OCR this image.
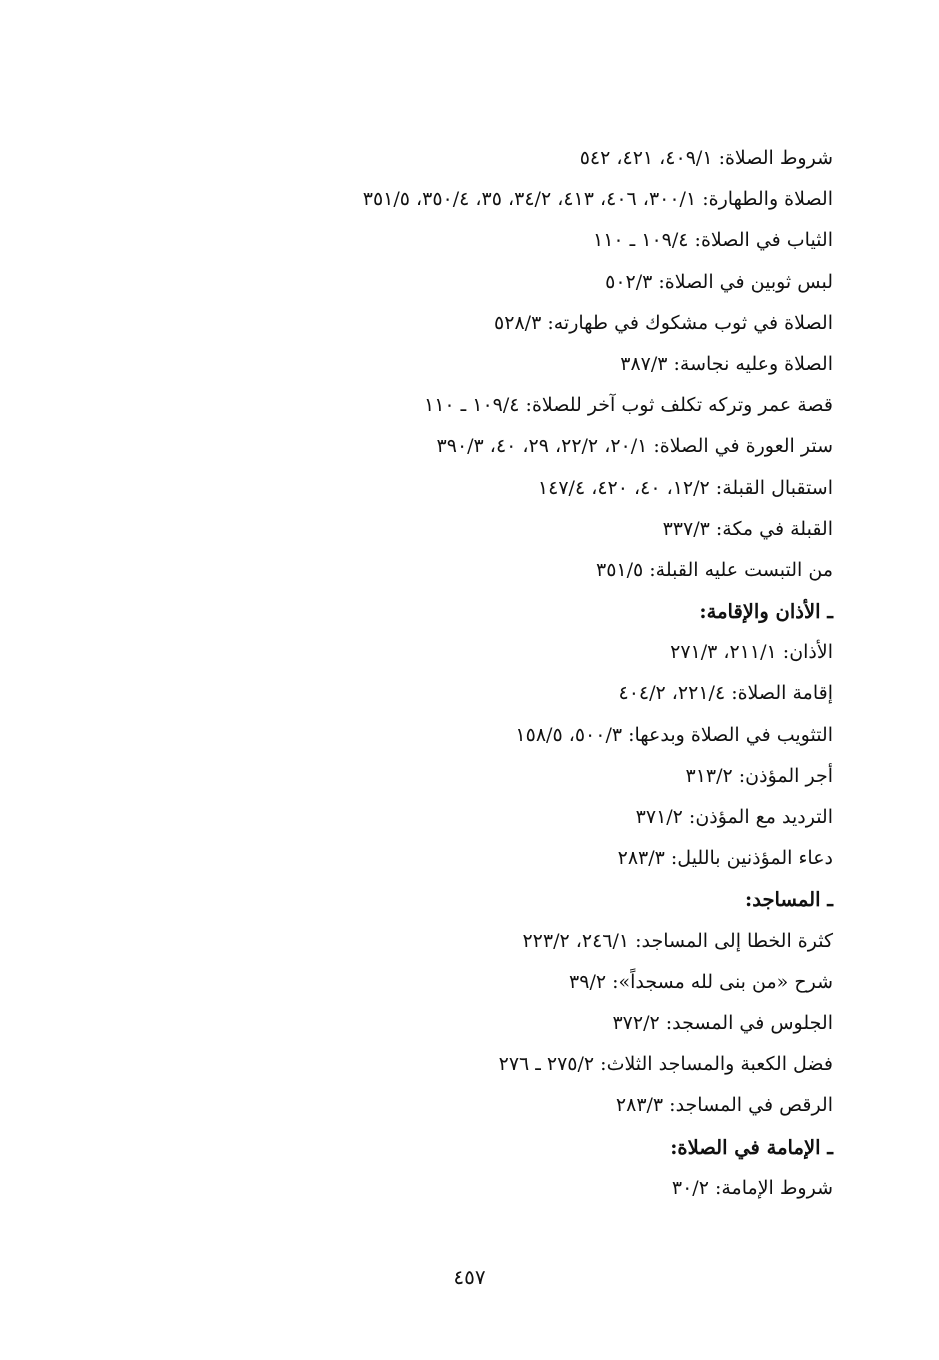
شروط الصلاة: ٤٠٩/١، ٤٢١، ٥٤٢
الصلاة والطهارة: ٣٠٠/١، ٤٠٦، ٤١٣، ٣٤/٢، ٣٥، ٣٥٠/٤، ٣٥١/٥
الثياب في الصلاة: ١٠٩/٤ ـ ١١٠
لبس ثوبين في الصلاة: ٥٠٢/٣
الصلاة في ثوب مشكوك في طهارته: ٥٢٨/٣
الصلاة وعليه نجاسة: ٣٨٧/٣
قصة عمر وتركه تكلف ثوب آخر للصلاة: ١٠٩/٤ ـ ١١٠
ستر العورة في الصلاة: ٢٠/١، ٢٢/٢، ٢٩، ٤٠، ٣٩٠/٣
استقبال القبلة: ١٢/٢، ٤٠، ٤٢٠، ١٤٧/٤
القبلة في مكة: ٣٣٧/٣
من التبست عليه القبلة: ٣٥١/٥
ـ الأذان والإقامة:
الأذان: ٢١١/١، ٢٧١/٣
إقامة الصلاة: ٢٢١/٤، ٤٠٤/٢
التثويب في الصلاة وبدعها: ٥٠٠/٣، ١٥٨/٥
أجر المؤذن: ٣١٣/٢
الترديد مع المؤذن: ٣٧١/٢
دعاء المؤذنين بالليل: ٢٨٣/٣
ـ المساجد:
كثرة الخطا إلى المساجد: ٢٤٦/١، ٢٢٣/٢
شرح «من بنى لله مسجداً»: ٣٩/٢
الجلوس في المسجد: ٣٧٢/٢
فضل الكعبة والمساجد الثلاث: ٢٧٥/٢ ـ ٢٧٦
الرقص في المساجد: ٢٨٣/٣
ـ الإمامة في الصلاة:
شروط الإمامة: ٣٠/٢
٤٥٧
